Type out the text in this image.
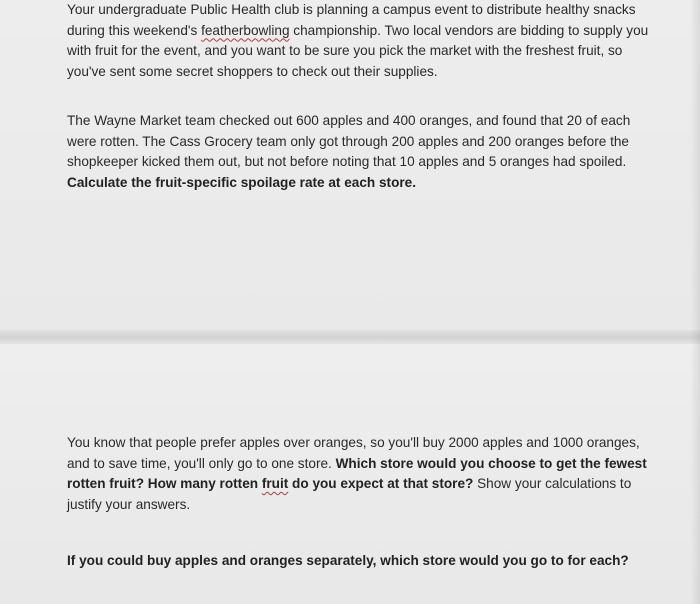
Your undergraduate Public Health club is planning a campus event to distribute healthy snacks during this weekend's featherbowling championship. Two local vendors are bidding to supply you with fruit for the event, and you want to be sure you pick the market with the freshest fruit, so you've sent some secret shoppers to check out their supplies.

The Wayne Market team checked out 600 apples and 400 oranges, and found that 20 of each were rotten. The Cass Grocery team only got through 200 apples and 200 oranges before the shopkeeper kicked them out, but not before noting that 10 apples and 5 oranges had spoiled. Calculate the fruit-specific spoilage rate at each store.

You know that people prefer apples over oranges, so you'll buy 2000 apples and 1000 oranges, and to save time, you'll only go to one store. Which store would you choose to get the fewest rotten fruit? How many rotten fruit do you expect at that store? Show your calculations to justify your answers.

If you could buy apples and oranges separately, which store would you go to for each?
